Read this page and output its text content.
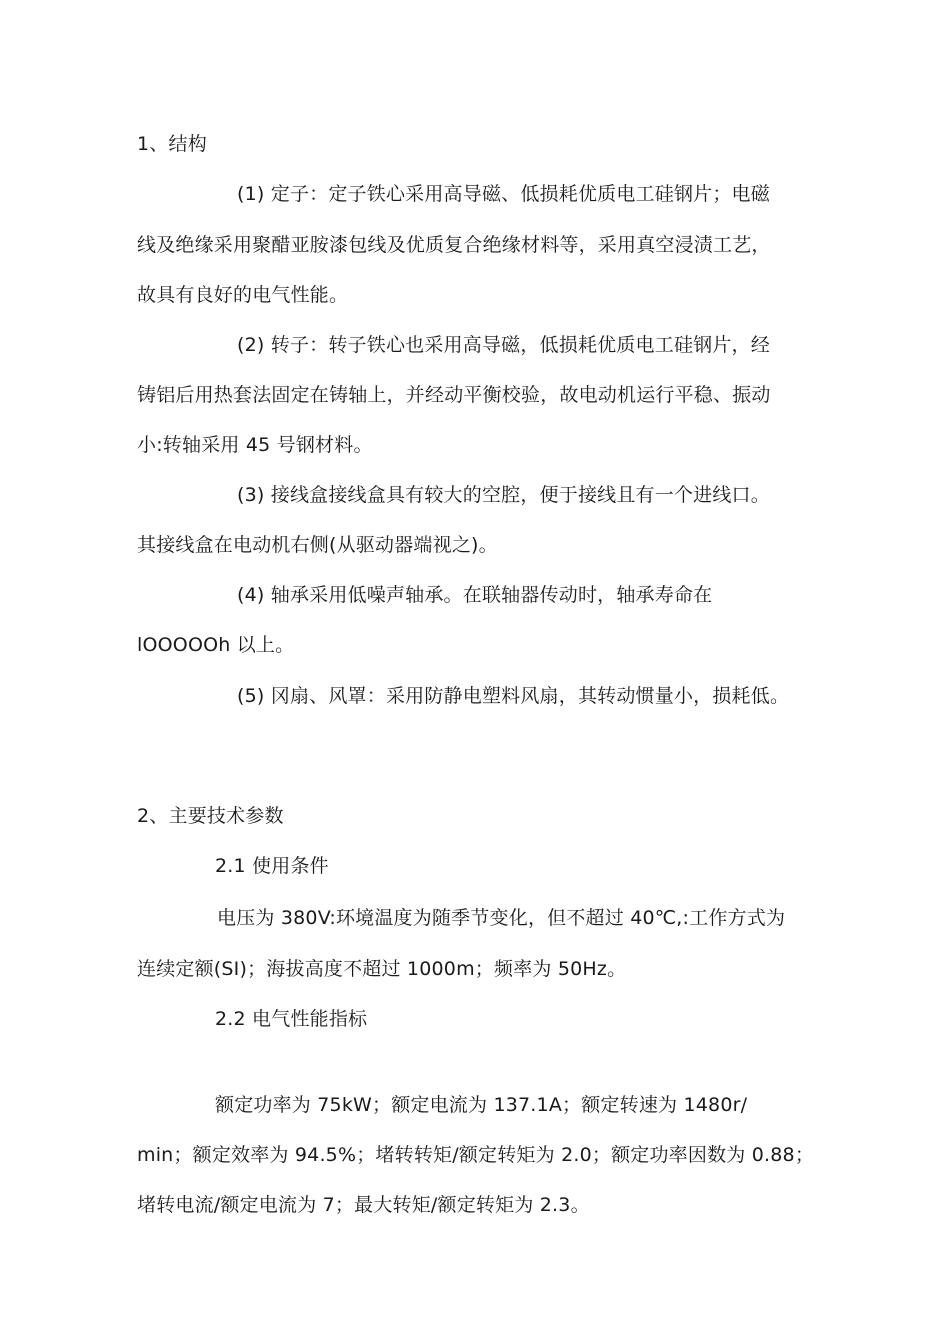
1、结构
(1) 定子：定子铁心采用高导磁、低损耗优质电工硅钢片；电磁
线及绝缘采用聚醋亚胺漆包线及优质复合绝缘材料等，采用真空浸渍工艺，
故具有良好的电气性能。
(2) 转子：转子铁心也采用高导磁，低损耗优质电工硅钢片，经
铸铝后用热套法固定在铸轴上，并经动平衡校验，故电动机运行平稳、振动
小:转轴采用 45 号钢材料。
(3) 接线盒接线盒具有较大的空腔，便于接线且有一个进线口。
其接线盒在电动机右侧(从驱动器端视之)。
(4) 轴承采用低噪声轴承。在联轴器传动时，轴承寿命在
lOOOOOh 以上。
(5) 冈扇、风罩：采用防静电塑料风扇，其转动惯量小，损耗低。
2、主要技术参数
2.1 使用条件
电压为 380V:环境温度为随季节变化，但不超过 40℃,:工作方式为
连续定额(SI)；海拔高度不超过 1000m；频率为 50Hz。
2.2 电气性能指标
额定功率为 75kW；额定电流为 137.1A；额定转速为 1480r/
min；额定效率为 94.5%；堵转转矩/额定转矩为 2.0；额定功率因数为 0.88；
堵转电流/额定电流为 7；最大转矩/额定转矩为 2.3。
